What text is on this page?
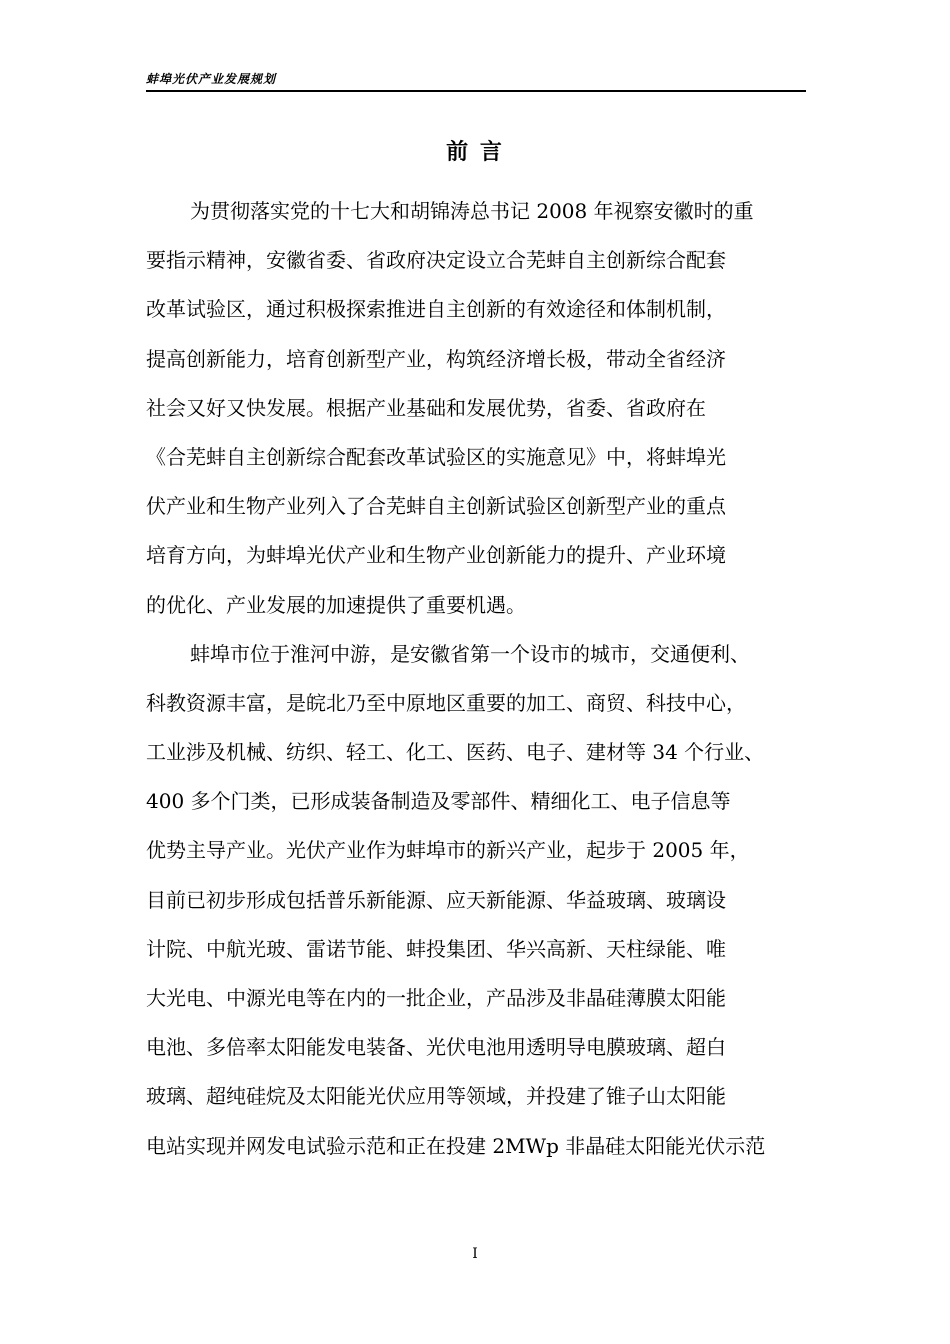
蚌埠光伏产业发展规划
前 言
为贯彻落实党的十七大和胡锦涛总书记 2008 年视察安徽时的重
要指示精神，安徽省委、省政府决定设立合芜蚌自主创新综合配套
改革试验区，通过积极探索推进自主创新的有效途径和体制机制，
提高创新能力，培育创新型产业，构筑经济增长极，带动全省经济
社会又好又快发展。根据产业基础和发展优势，省委、省政府在
《合芜蚌自主创新综合配套改革试验区的实施意见》中，将蚌埠光
伏产业和生物产业列入了合芜蚌自主创新试验区创新型产业的重点
培育方向，为蚌埠光伏产业和生物产业创新能力的提升、产业环境
的优化、产业发展的加速提供了重要机遇。
蚌埠市位于淮河中游，是安徽省第一个设市的城市，交通便利、
科教资源丰富，是皖北乃至中原地区重要的加工、商贸、科技中心，
工业涉及机械、纺织、轻工、化工、医药、电子、建材等 34 个行业、
400 多个门类，已形成装备制造及零部件、精细化工、电子信息等
优势主导产业。光伏产业作为蚌埠市的新兴产业，起步于 2005 年，
目前已初步形成包括普乐新能源、应天新能源、华益玻璃、玻璃设
计院、中航光玻、雷诺节能、蚌投集团、华兴高新、天柱绿能、唯
大光电、中源光电等在内的一批企业，产品涉及非晶硅薄膜太阳能
电池、多倍率太阳能发电装备、光伏电池用透明导电膜玻璃、超白
玻璃、超纯硅烷及太阳能光伏应用等领域，并投建了锥子山太阳能
电站实现并网发电试验示范和正在投建 2MWp 非晶硅太阳能光伏示范
I
